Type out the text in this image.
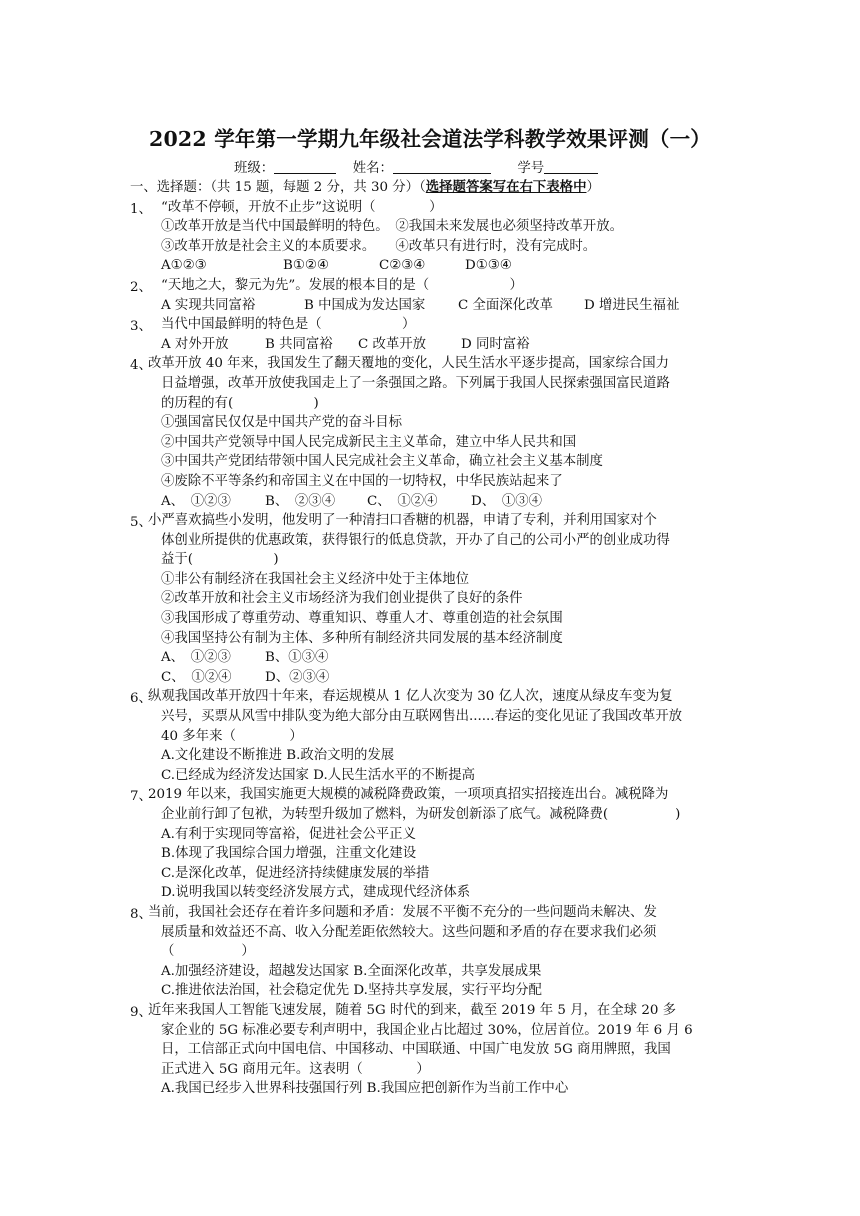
2022 学年第一学期九年级社会道法学科教学效果评测（一）
班级：	姓名：	学号
一、选择题：（共 15 题，每题 2 分，共 30 分）（选择题答案写在右下表格中）
1、 “改革不停顿，开放不止步”这说明（　　　　）
①改革开放是当代中国最鲜明的特色。　②我国未来发展也必须坚持改革开放。
③改革开放是社会主义的本质要求。　　④改革只有进行时，没有完成时。
A①②③	B①②④	C②③④	D①③④
2、 “天地之大，黎元为先”。发展的根本目的是（　　　　　　）
A 实现共同富裕	B 中国成为发达国家 C 全面深化改革 D 增进民生福祉
3、 当代中国最鲜明的特色是（　　　　　　）
A 对外开放	B 共同富裕 C 改革开放	D 同时富裕
4、
改革开放 40 年来，我国发生了翻天覆地的变化，人民生活水平逐步提高，国家综合国力
日益增强，改革开放使我国走上了一条强国之路。下列属于我国人民探索强国富民道路
的历程的有(　　　　　　)
①强国富民仅仅是中国共产党的奋斗目标
②中国共产党领导中国人民完成新民主主义革命，建立中华人民共和国
③中国共产党团结带领中国人民完成社会主义革命，确立社会主义基本制度
④废除不平等条约和帝国主义在中国的一切特权，中华民族站起来了
A、　①②③	B、　②③④ C、　①②④	D、　①③④
5、
小严喜欢搞些小发明，他发明了一种清扫口香糖的机器，申请了专利，并利用国家对个
体创业所提供的优惠政策，获得银行的低息贷款，开办了自己的公司小严的创业成功得
益于(　　　　　　)
①非公有制经济在我国社会主义经济中处于主体地位
②改革开放和社会主义市场经济为我们创业提供了良好的条件
③我国形成了尊重劳动、尊重知识、尊重人才、尊重创造的社会氛围
④我国坚持公有制为主体、多种所有制经济共同发展的基本经济制度
A、　①②③	B、①③④
C、　①②④	D、②③④
6、
纵观我国改革开放四十年来，春运规模从 1 亿人次变为 30 亿人次，速度从绿皮车变为复
兴号，买票从风雪中排队变为绝大部分由互联网售出......春运的变化见证了我国改革开放
40 多年来（　　　　）
A.文化建设不断推进 B.政治文明的发展
C.已经成为经济发达国家 D.人民生活水平的不断提高
7、
2019 年以来，我国实施更大规模的减税降费政策，一项项真招实招接连出台。减税降为
企业前行卸了包袱，为转型升级加了燃料，为研发创新添了底气。减税降费(　　　　　)
A.有利于实现同等富裕，促进社会公平正义
B.体现了我国综合国力增强，注重文化建设
C.是深化改革，促进经济持续健康发展的举措
D.说明我国以转变经济发展方式，建成现代经济体系
8、
当前，我国社会还存在着许多问题和矛盾：发展不平衡不充分的一些问题尚未解决、发
展质量和效益还不高、收入分配差距依然较大。这些问题和矛盾的存在要求我们必须
（　　　　　）
A.加强经济建设，超越发达国家 B.全面深化改革，共享发展成果
C.推进依法治国，社会稳定优先 D.坚持共享发展，实行平均分配
9、
近年来我国人工智能飞速发展，随着 5G 时代的到来，截至 2019 年 5 月，在全球 20 多
家企业的 5G 标准必要专利声明中，我国企业占比超过 30%，位居首位。2019 年 6 月 6
日，工信部正式向中国电信、中国移动、中国联通、中国广电发放 5G 商用牌照，我国
正式进入 5G 商用元年。这表明（　　　　）
A.我国已经步入世界科技强国行列 B.我国应把创新作为当前工作中心
